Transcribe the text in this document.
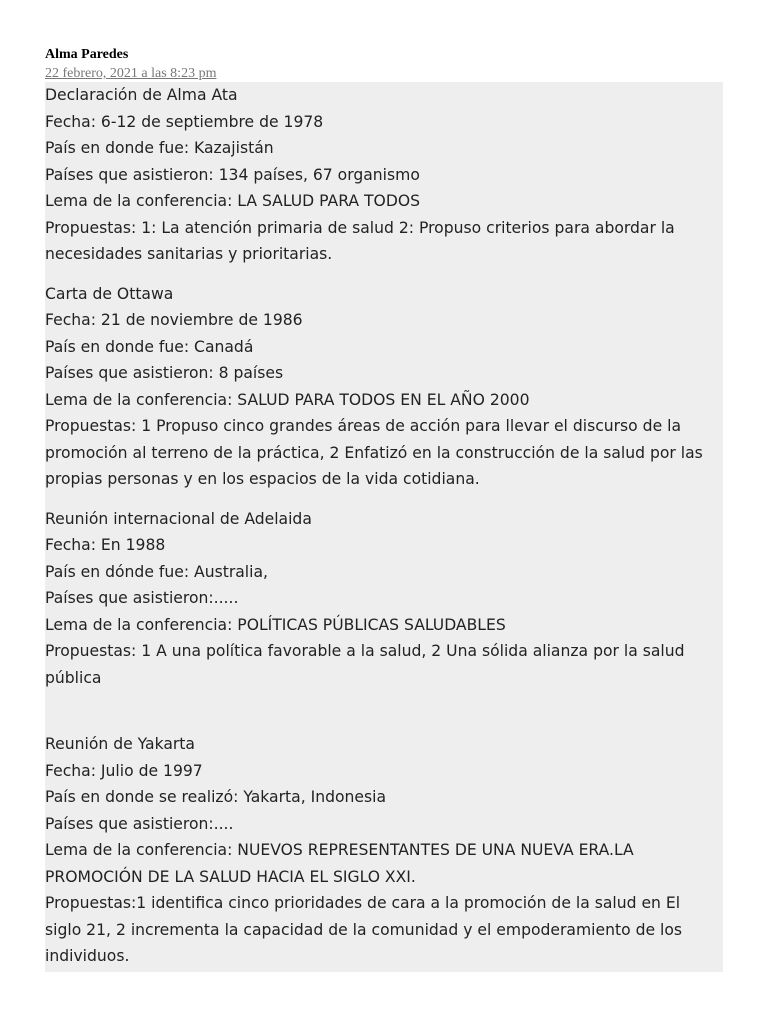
Alma Paredes
22 febrero, 2021 a las 8:23 pm
Declaración de Alma Ata
Fecha: 6-12 de septiembre de 1978
País en donde fue: Kazajistán
Países que asistieron: 134 países, 67 organismo
Lema de la conferencia: LA SALUD PARA TODOS
Propuestas: 1: La atención primaria de salud 2: Propuso criterios para abordar la necesidades sanitarias y prioritarias.
Carta de Ottawa
Fecha: 21 de noviembre de 1986
País en donde fue: Canadá
Países que asistieron: 8 países
Lema de la conferencia: SALUD PARA TODOS EN EL AÑO 2000
Propuestas: 1 Propuso cinco grandes áreas de acción para llevar el discurso de la promoción al terreno de la práctica, 2 Enfatizó en la construcción de la salud por las propias personas y en los espacios de la vida cotidiana.
Reunión internacional de Adelaida
Fecha: En 1988
País en dónde fue: Australia,
Países que asistieron:.....
Lema de la conferencia: POLÍTICAS PÚBLICAS SALUDABLES
Propuestas: 1 A una política favorable a la salud, 2 Una sólida alianza por la salud pública
Reunión de Yakarta
Fecha: Julio de 1997
País en donde se realizó: Yakarta, Indonesia
Países que asistieron:....
Lema de la conferencia: NUEVOS REPRESENTANTES DE UNA NUEVA ERA.LA PROMOCIÓN DE LA SALUD HACIA EL SIGLO XXI.
Propuestas:1 identifica cinco prioridades de cara a la promoción de la salud en El siglo 21, 2 incrementa la capacidad de la comunidad y el empoderamiento de los individuos.
